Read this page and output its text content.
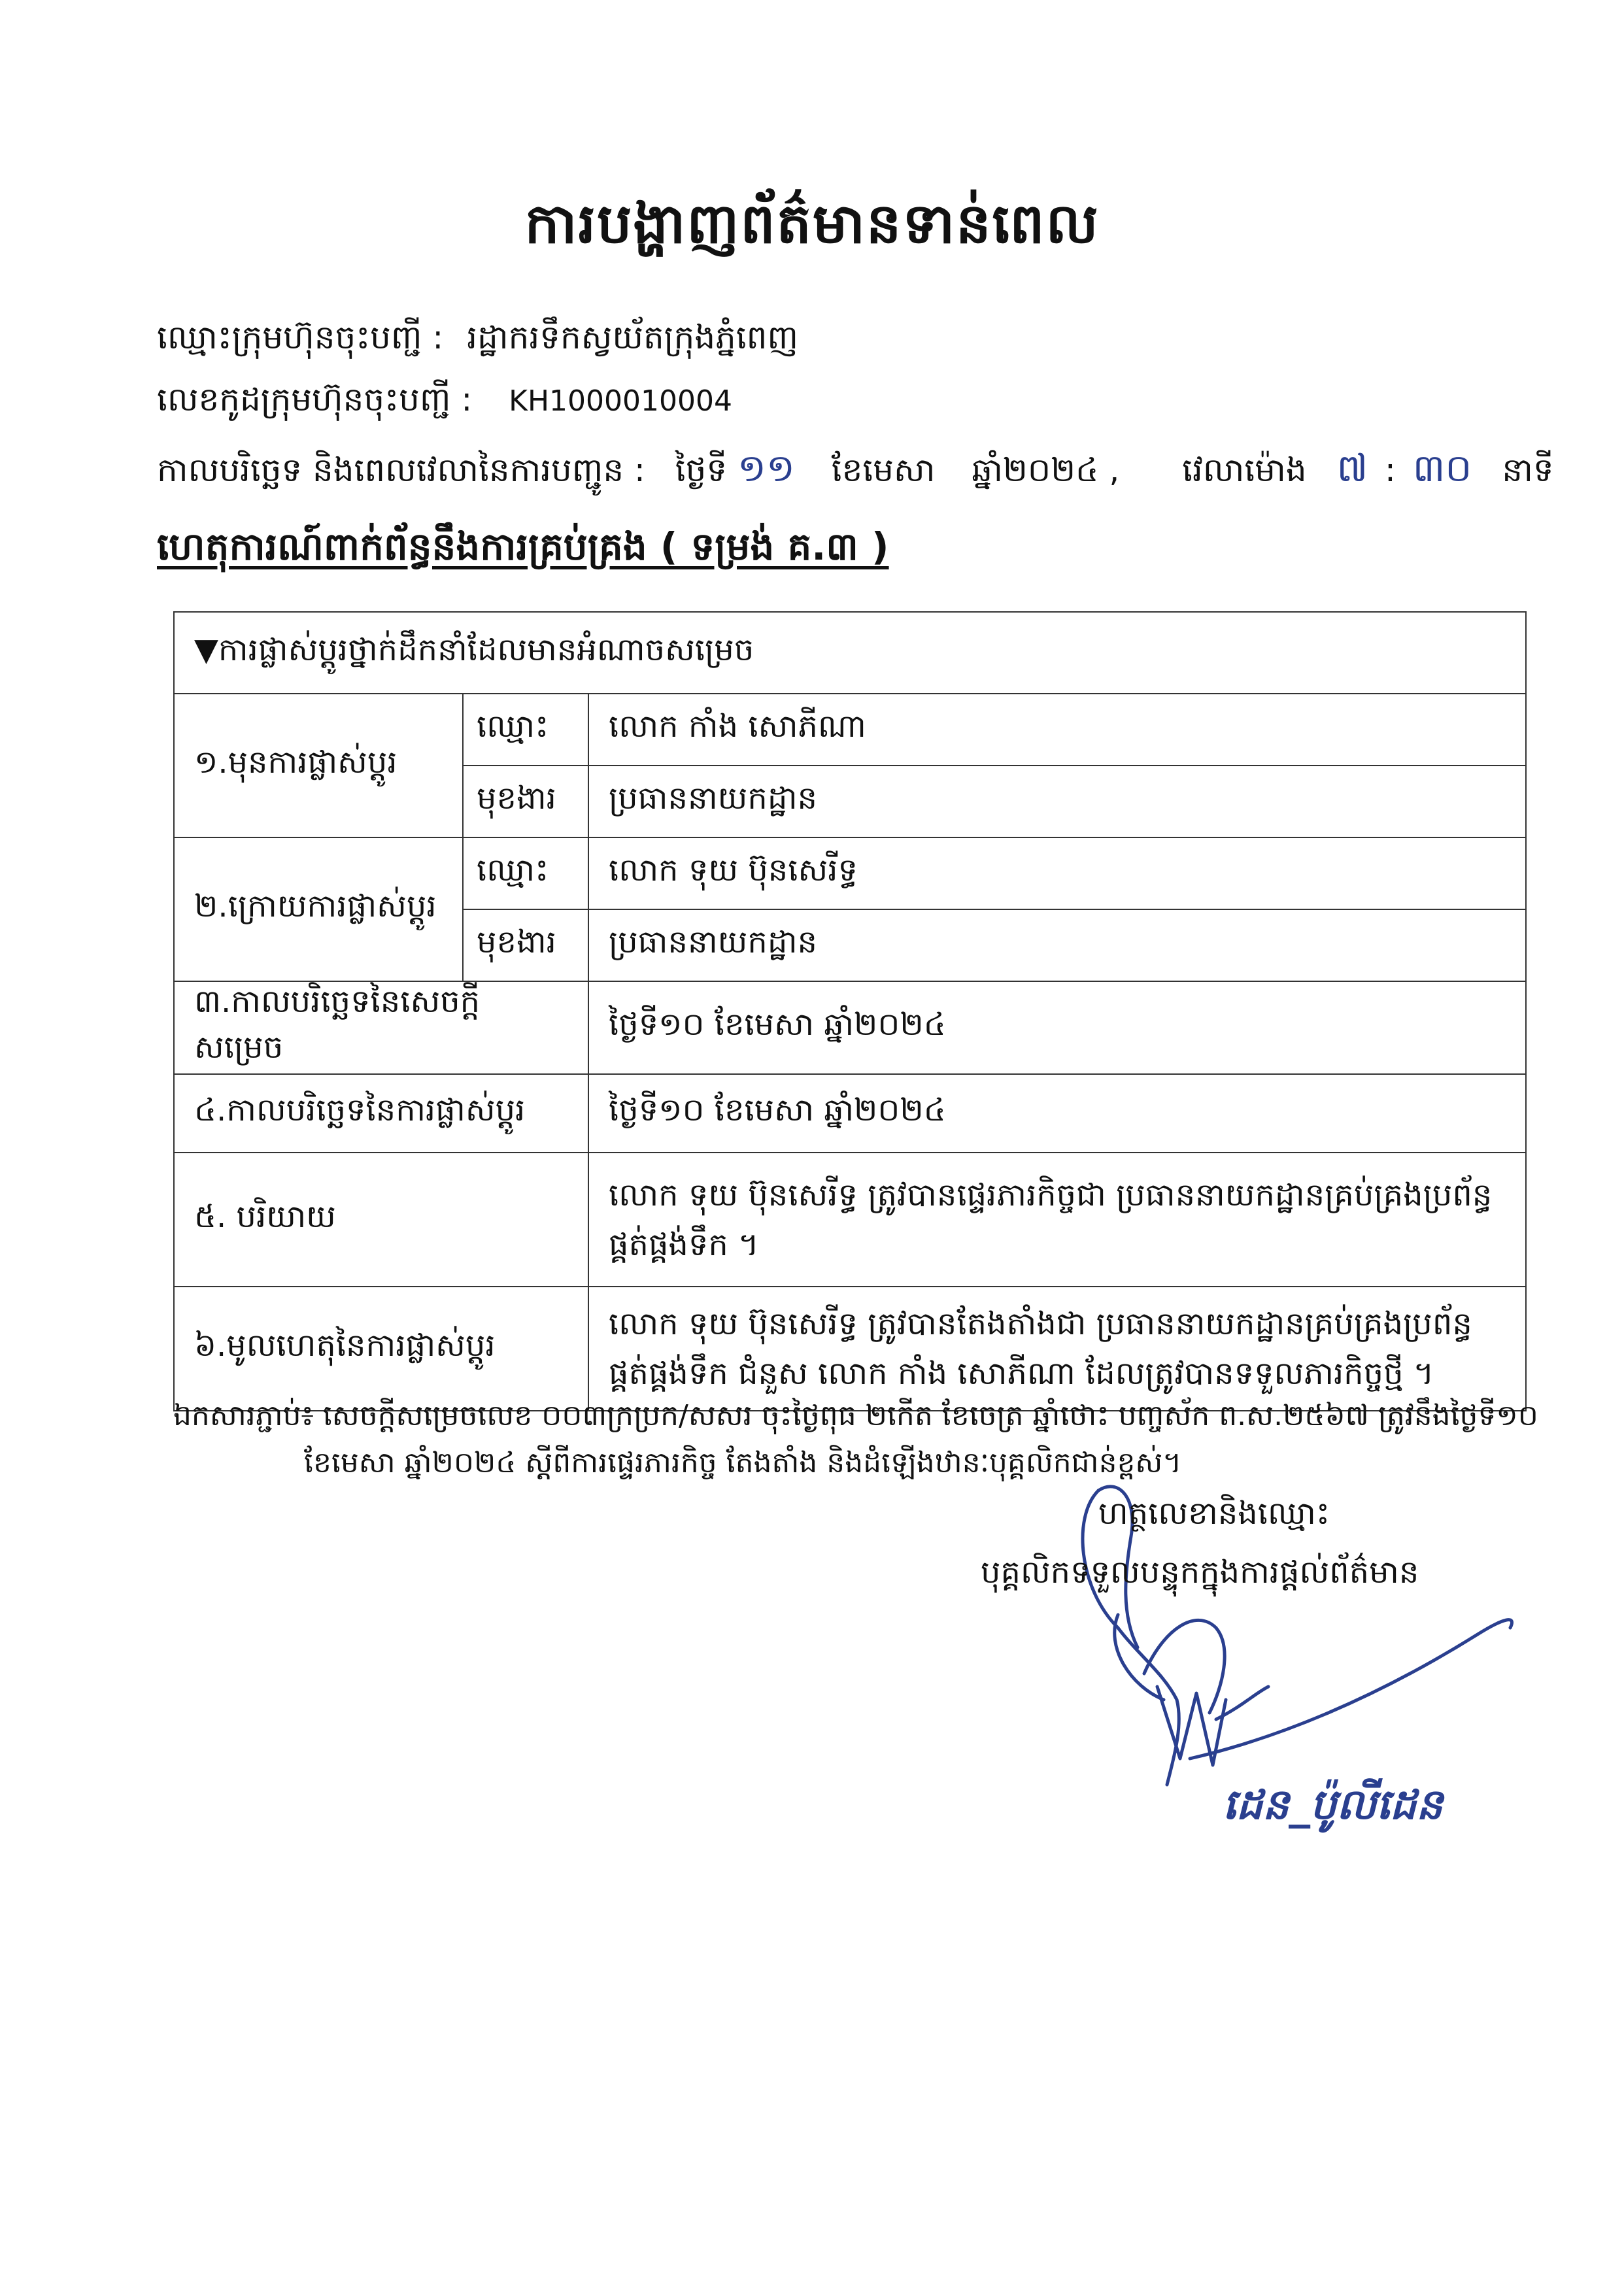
ការបង្ហាញព័ត៌មានទាន់ពេល
ឈ្មោះក្រុមហ៊ុនចុះបញ្ជី : រដ្ឋាករទឹកស្វយ័តក្រុងភ្នំពេញ
លេខកូដក្រុមហ៊ុនចុះបញ្ជី : KH1000010004
កាលបរិច្ឆេទ និងពេលវេលានៃការបញ្ជូន : ថ្ងៃទី ១១ ខែមេសា ឆ្នាំ២០២៤ , វេលាម៉ោង ៧ : ៣០ នាទី
ហេតុការណ៍ពាក់ព័ន្ធនឹងការគ្រប់គ្រង ( ទម្រង់ គ.៣ )
▼ការផ្លាស់ប្តូរថ្នាក់ដឹកនាំដែលមានអំណាចសម្រេច		
១.មុនការផ្លាស់ប្តូរ	ឈ្មោះ	លោក កាំង សោភីណា
	មុខងារ	ប្រធាននាយកដ្ឋាន
២.ក្រោយការផ្លាស់ប្តូរ	ឈ្មោះ	លោក ទុយ ប៊ុនសេរីទ្ធ
	មុខងារ	ប្រធាននាយកដ្ឋាន
៣.កាលបរិច្ឆេទនៃសេចក្តីសម្រេច		ថ្ងៃទី១០ ខែមេសា ឆ្នាំ២០២៤
៤.កាលបរិច្ឆេទនៃការផ្លាស់ប្តូរ		ថ្ងៃទី១០ ខែមេសា ឆ្នាំ២០២៤
៥. បរិយាយ		លោក ទុយ ប៊ុនសេរីទ្ធ ត្រូវបានផ្ទេរភារកិច្ចជា ប្រធាននាយកដ្ឋានគ្រប់គ្រងប្រព័ន្ធ
ផ្គត់ផ្គង់ទឹក ។

៦.មូលហេតុនៃការផ្លាស់ប្តូរ		លោក ទុយ ប៊ុនសេរីទ្ធ ត្រូវបានតែងតាំងជា ប្រធាននាយកដ្ឋានគ្រប់គ្រងប្រព័ន្ធ
ផ្គត់ផ្គង់ទឹក ជំនួស លោក កាំង សោភីណា ដែលត្រូវបានទទួលភារកិច្ចថ្មី ។
ឯកសារភ្ជាប់៖ សេចក្តីសម្រេចលេខ ០០៣ក្រប្រក/សសរ ចុះថ្ងៃពុធ ២កើត ខែចេត្រ ឆ្នាំថោះ បញ្ចស័ក ព.ស.២៥៦៧ ត្រូវនឹងថ្ងៃទី១០
ខែមេសា ឆ្នាំ២០២៤ ស្តីពីការផ្ទេរភារកិច្ច តែងតាំង និងដំឡើងឋានៈបុគ្គលិកជាន់ខ្ពស់។
ហត្ថលេខានិងឈ្មោះ
បុគ្គលិកទទួលបន្ទុកក្នុងការផ្តល់ព័ត៌មាន
ដេន_ប៉ូលីដេន
